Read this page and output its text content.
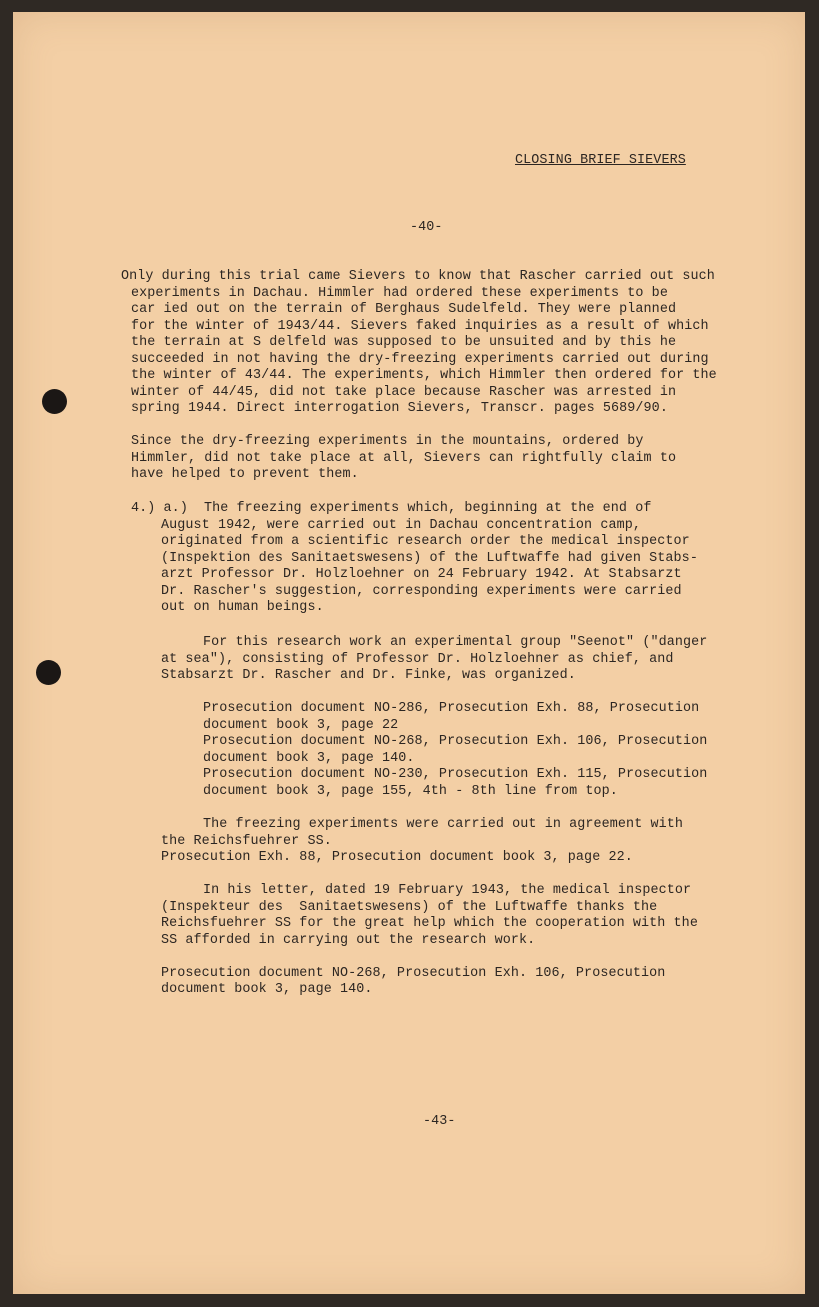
CLOSING BRIEF SIEVERS
-40-
Only during this trial came Sievers to know that Rascher carried out such
experiments in Dachau. Himmler had ordered these experiments to be
car ied out on the terrain of Berghaus Sudelfeld. They were planned
for the winter of 1943/44. Sievers faked inquiries as a result of which
the terrain at S delfeld was supposed to be unsuited and by this he
succeeded in not having the dry-freezing experiments carried out during
the winter of 43/44. The experiments, which Himmler then ordered for the
winter of 44/45, did not take place because Rascher was arrested in
spring 1944. Direct interrogation Sievers, Transcr. pages 5689/90.
Since the dry-freezing experiments in the mountains, ordered by
Himmler, did not take place at all, Sievers can rightfully claim to
have helped to prevent them.
4.) a.) The freezing experiments which, beginning at the end of
August 1942, were carried out in Dachau concentration camp,
originated from a scientific research order the medical inspector
(Inspektion des Sanitaetswesens) of the Luftwaffe had given Stabs-
arzt Professor Dr. Holzloehner on 24 February 1942. At Stabsarzt
Dr. Rascher's suggestion, corresponding experiments were carried
out on human beings.
For this research work an experimental group "Seenot" ("danger
at sea"), consisting of Professor Dr. Holzloehner as chief, and
Stabsarzt Dr. Rascher and Dr. Finke, was organized.
Prosecution document NO-286, Prosecution Exh. 88, Prosecution
document book 3, page 22
Prosecution document NO-268, Prosecution Exh. 106, Prosecution
document book 3, page 140.
Prosecution document NO-230, Prosecution Exh. 115, Prosecution
document book 3, page 155, 4th - 8th line from top.
The freezing experiments were carried out in agreement with
the Reichsfuehrer SS.
Prosecution Exh. 88, Prosecution document book 3, page 22.
In his letter, dated 19 February 1943, the medical inspector
(Inspekteur des  Sanitaetswesens) of the Luftwaffe thanks the
Reichsfuehrer SS for the great help which the cooperation with the
SS afforded in carrying out the research work.
Prosecution document NO-268, Prosecution Exh. 106, Prosecution
document book 3, page 140.
-43-
